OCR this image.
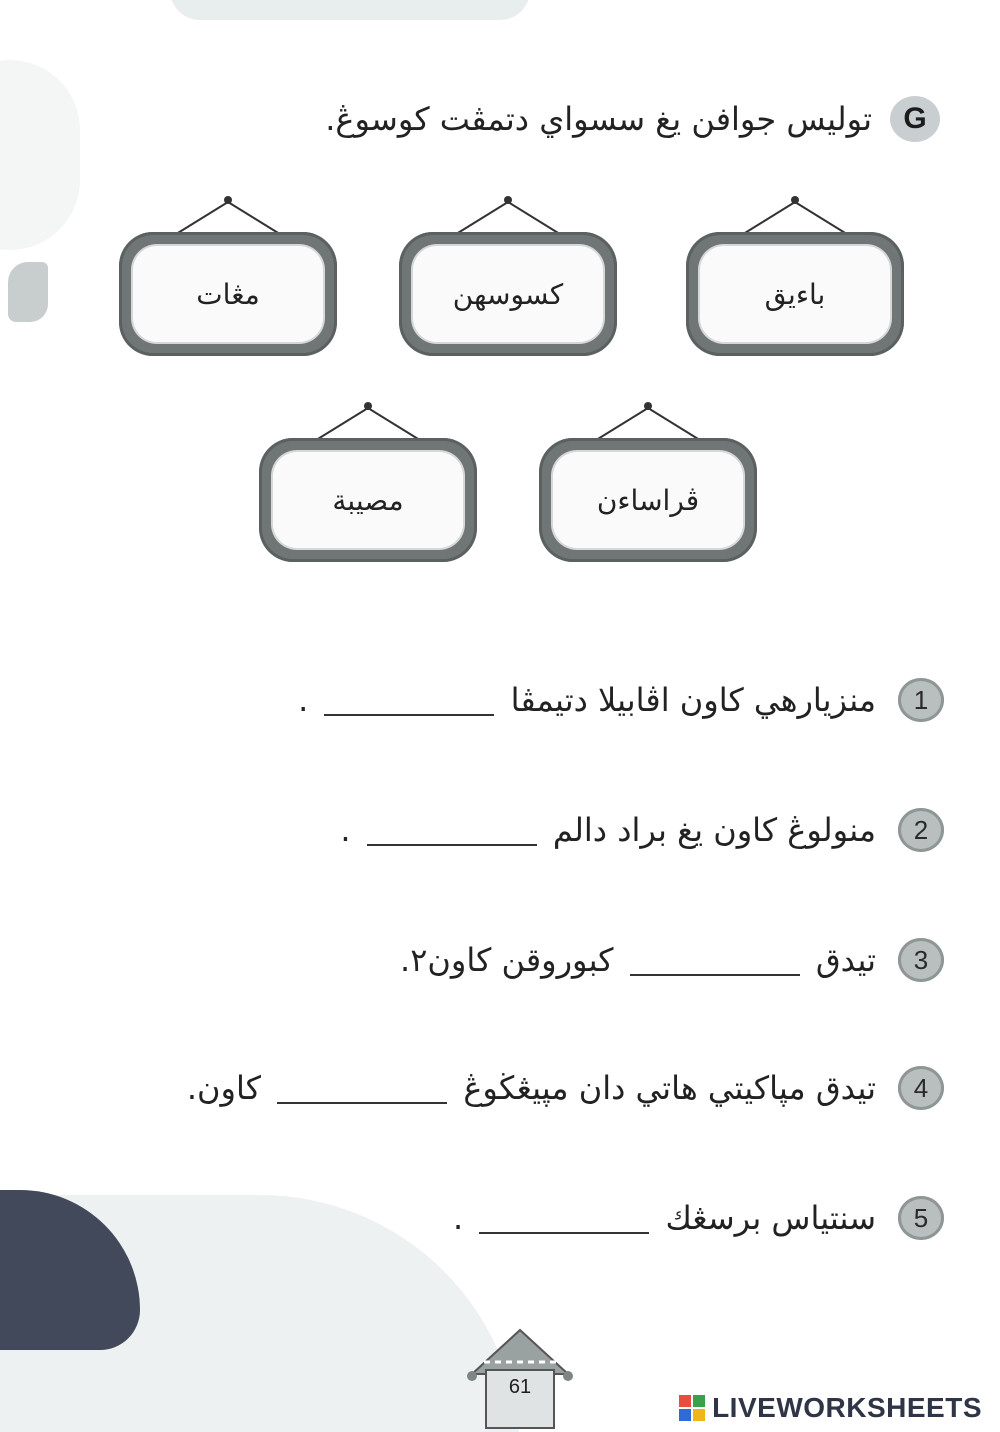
G
توليس جوافن يغ سسواي دتمڤت كوسوڠ.
باءيق
كسوسهن
مڠات
ڤراساءن
مصيبة
1
منزيارهي كاون اڤابيلا دتيمڤا  .
2
منولوڠ كاون يغ براد دالم  .
3
تيدق  كبوروقن كاون٢.
4
تيدق مڽاكيتي هاتي دان مڽيڠڬوڠ  كاون.
5
سنتياس برسڠك  .
61
LIVEWORKSHEETS
